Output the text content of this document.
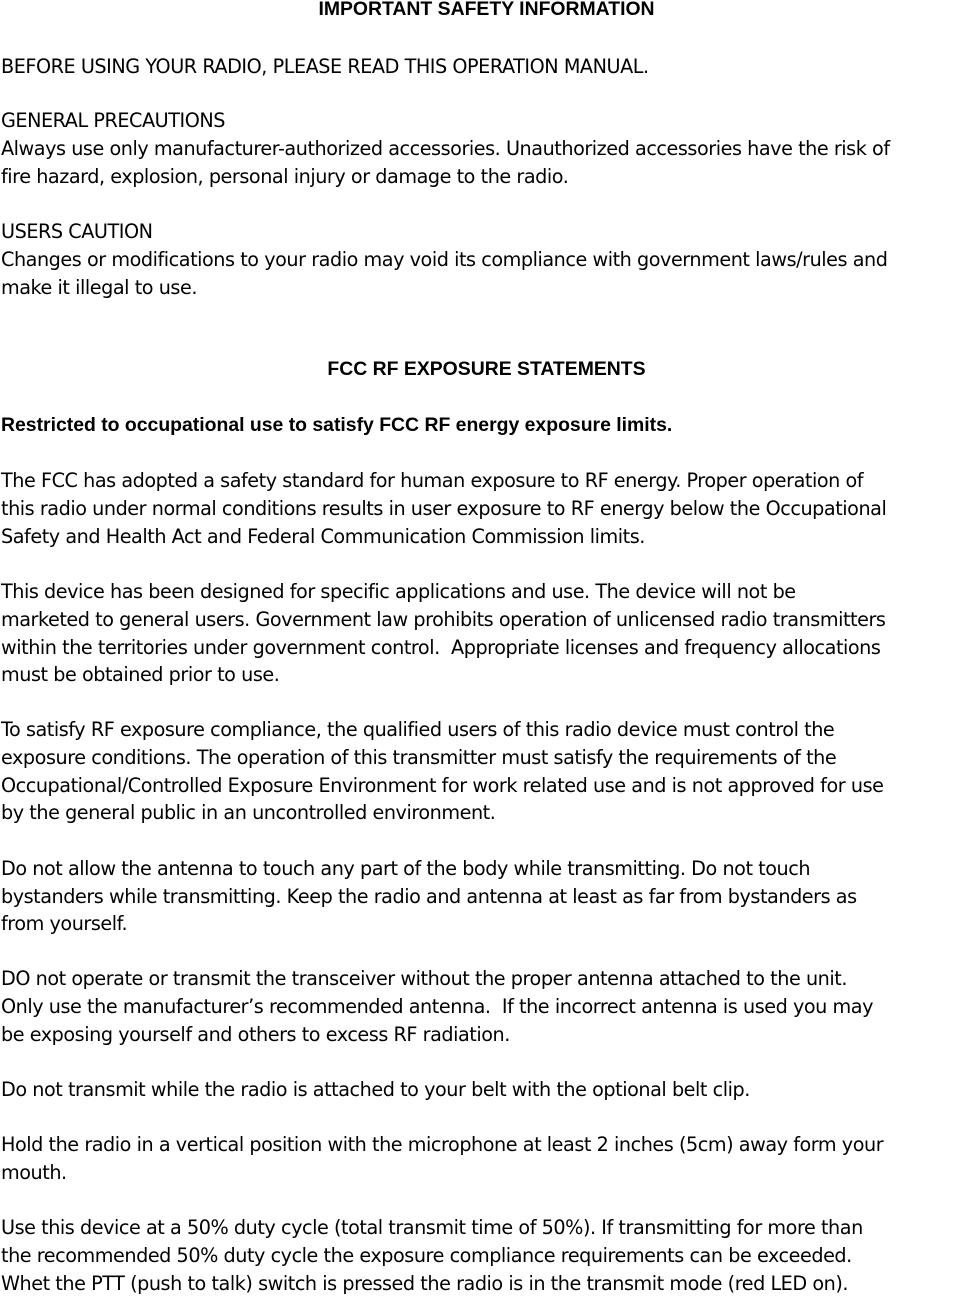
IMPORTANT SAFETY INFORMATION
BEFORE USING YOUR RADIO, PLEASE READ THIS OPERATION MANUAL.
GENERAL PRECAUTIONS
Always use only manufacturer-authorized accessories. Unauthorized accessories have the risk of
fire hazard, explosion, personal injury or damage to the radio.
USERS CAUTION
Changes or modifications to your radio may void its compliance with government laws/rules and
make it illegal to use.
FCC RF EXPOSURE STATEMENTS
Restricted to occupational use to satisfy FCC RF energy exposure limits.
The FCC has adopted a safety standard for human exposure to RF energy. Proper operation of
this radio under normal conditions results in user exposure to RF energy below the Occupational
Safety and Health Act and Federal Communication Commission limits.
This device has been designed for specific applications and use. The device will not be
marketed to general users. Government law prohibits operation of unlicensed radio transmitters
within the territories under government control.  Appropriate licenses and frequency allocations
must be obtained prior to use.
To satisfy RF exposure compliance, the qualified users of this radio device must control the
exposure conditions. The operation of this transmitter must satisfy the requirements of the
Occupational/Controlled Exposure Environment for work related use and is not approved for use
by the general public in an uncontrolled environment.
Do not allow the antenna to touch any part of the body while transmitting. Do not touch
bystanders while transmitting. Keep the radio and antenna at least as far from bystanders as
from yourself.
DO not operate or transmit the transceiver without the proper antenna attached to the unit.
Only use the manufacturer’s recommended antenna.  If the incorrect antenna is used you may
be exposing yourself and others to excess RF radiation.
Do not transmit while the radio is attached to your belt with the optional belt clip.
Hold the radio in a vertical position with the microphone at least 2 inches (5cm) away form your
mouth.
Use this device at a 50% duty cycle (total transmit time of 50%). If transmitting for more than
the recommended 50% duty cycle the exposure compliance requirements can be exceeded.
Whet the PTT (push to talk) switch is pressed the radio is in the transmit mode (red LED on).
